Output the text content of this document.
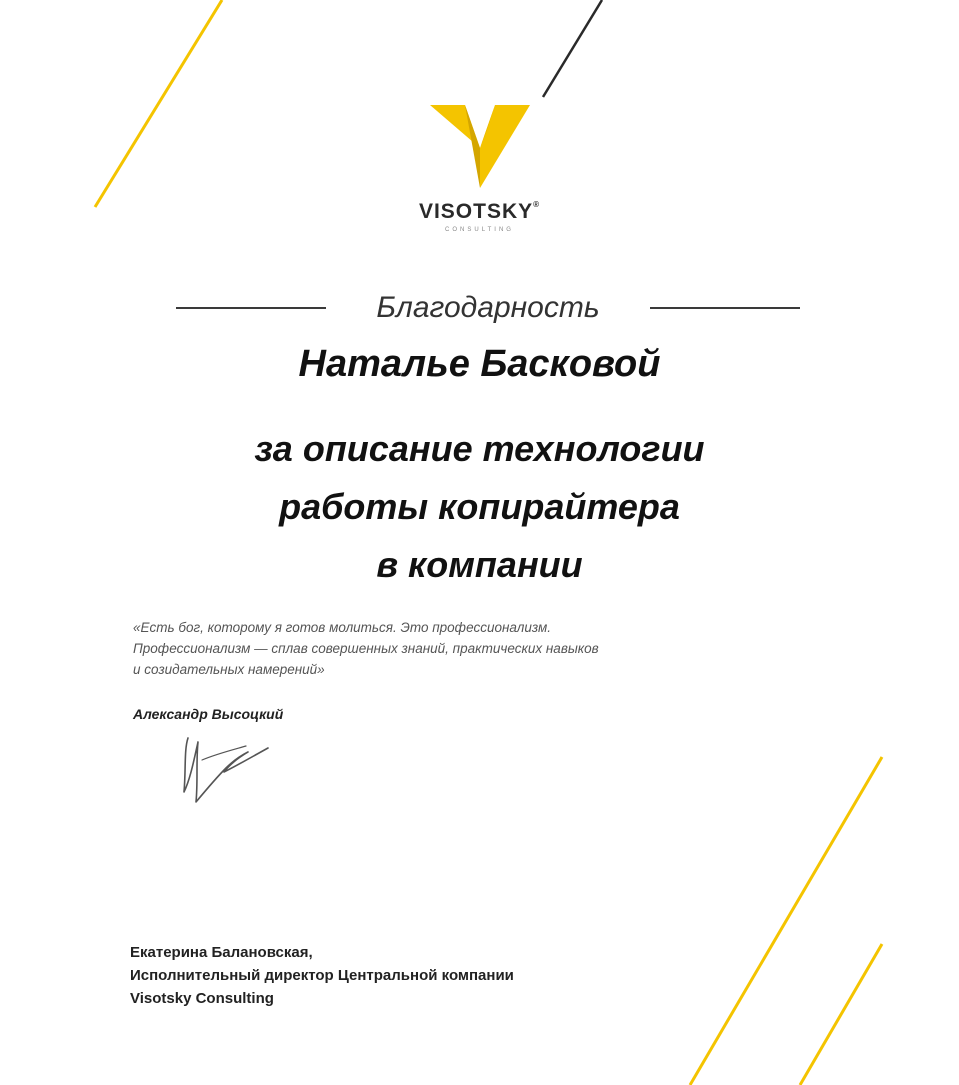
VISOTSKY®
CONSULTING
Благодарность
Наталье Басковой
за описание технологии
работы копирайтера
в компании
«Есть бог, которому я готов молиться. Это профессионализм.
Профессионализм — сплав совершенных знаний, практических навыков
и созидательных намерений»
Александр Высоцкий
Екатерина Балановская,
Исполнительный директор Центральной компании
Visotsky Consulting
